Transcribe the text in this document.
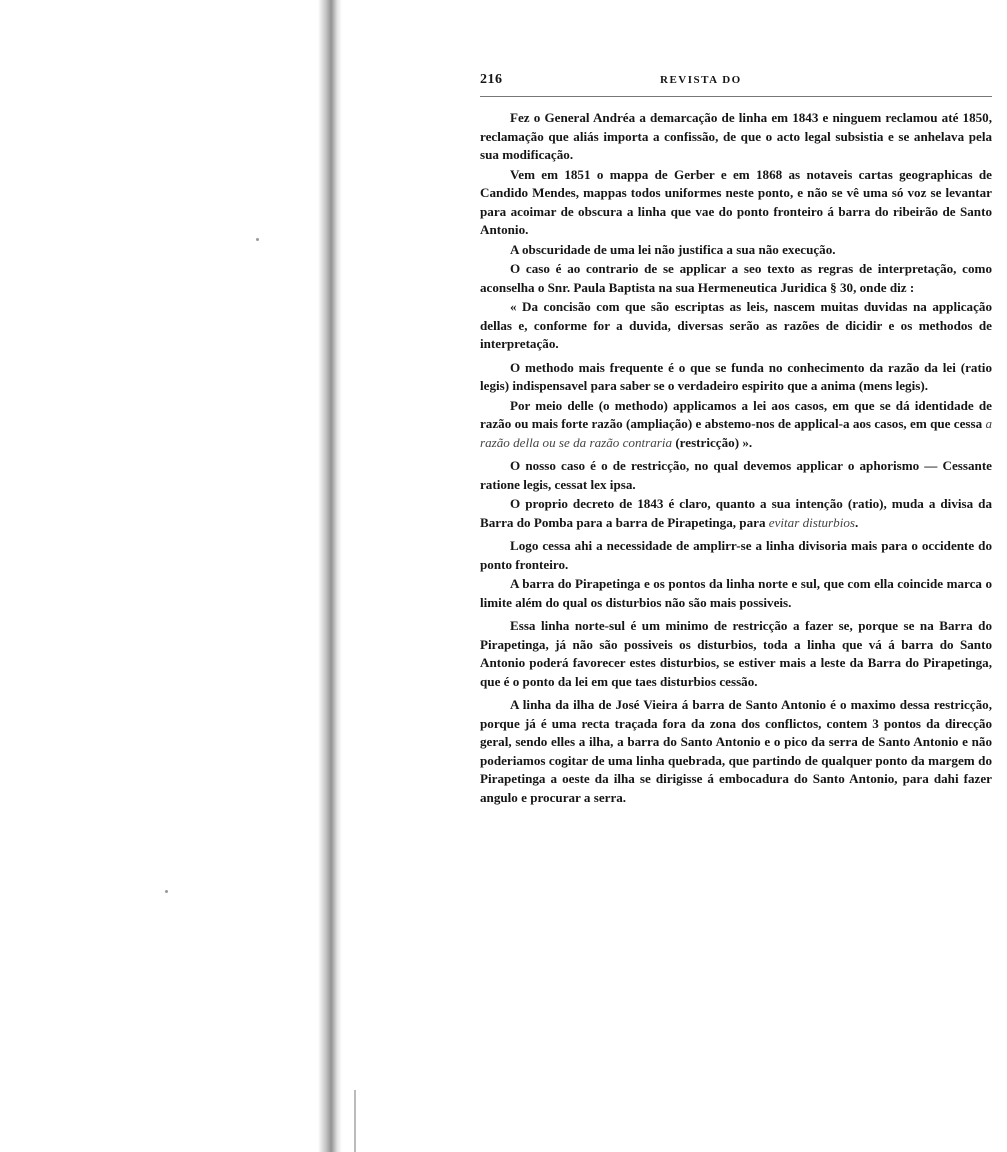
216	REVISTA DO

Fez o General Andréa a demarcação de linha em 1843 e ninguem reclamou até 1850, reclamação que aliás importa a confissão, de que o acto legal subsistia e se anhelava pela sua modificação.

Vem em 1851 o mappa de Gerber e em 1868 as notaveis cartas geographicas de Candido Mendes, mappas todos uniformes neste ponto, e não se vê uma só voz se levantar para acoimar de obscura a linha que vae do ponto fronteiro á barra do ribeirão de Santo Antonio.

A obscuridade de uma lei não justifica a sua não execução.

O caso é ao contrario de se applicar a seo texto as regras de interpretação, como aconselha o Snr. Paula Baptista na sua Hermeneutica Juridica § 30, onde diz :

« Da concisão com que são escriptas as leis, nascem muitas duvidas na applicação dellas e, conforme for a duvida, diversas serão as razões de dicidir e os methodos de interpretação.

O methodo mais frequente é o que se funda no conhecimento da razão da lei (ratio legis) indispensavel para saber se o verdadeiro espirito que a anima (mens legis).

Por meio delle (o methodo) applicamos a lei aos casos, em que se dá identidade de razão ou mais forte razão (ampliação) e abstemo-nos de applical-a aos casos, em que cessa a razão della ou se da razão contraria (restricção) ».

O nosso caso é o de restricção, no qual devemos applicar o aphorismo — Cessante ratione legis, cessat lex ipsa.

O proprio decreto de 1843 é claro, quanto a sua intenção (ratio), muda a divisa da Barra do Pomba para a barra de Pirapetinga, para evitar disturbios.

Logo cessa ahi a necessidade de amplirr-se a linha divisoria mais para o occidente do ponto fronteiro.

A barra do Pirapetinga e os pontos da linha norte e sul, que com ella coincide marca o limite além do qual os disturbios não são mais possiveis.

Essa linha norte-sul é um minimo de restricção a fazer se, porque se na Barra do Pirapetinga, já não são possiveis os disturbios, toda a linha que vá á barra do Santo Antonio poderá favorecer estes disturbios, se estiver mais a leste da Barra do Pirapetinga, que é o ponto da lei em que taes disturbios cessão.

A linha da ilha de José Vieira á barra de Santo Antonio é o maximo dessa restricção, porque já é uma recta traçada fora da zona dos conflictos, contem 3 pontos da direcção geral, sendo elles a ilha, a barra do Santo Antonio e o pico da serra de Santo Antonio e não poderiamos cogitar de uma linha quebrada, que partindo de qualquer ponto da margem do Pirapetinga a oeste da ilha se dirigisse á embocadura do Santo Antonio, para dahi fazer angulo e procurar a serra.
